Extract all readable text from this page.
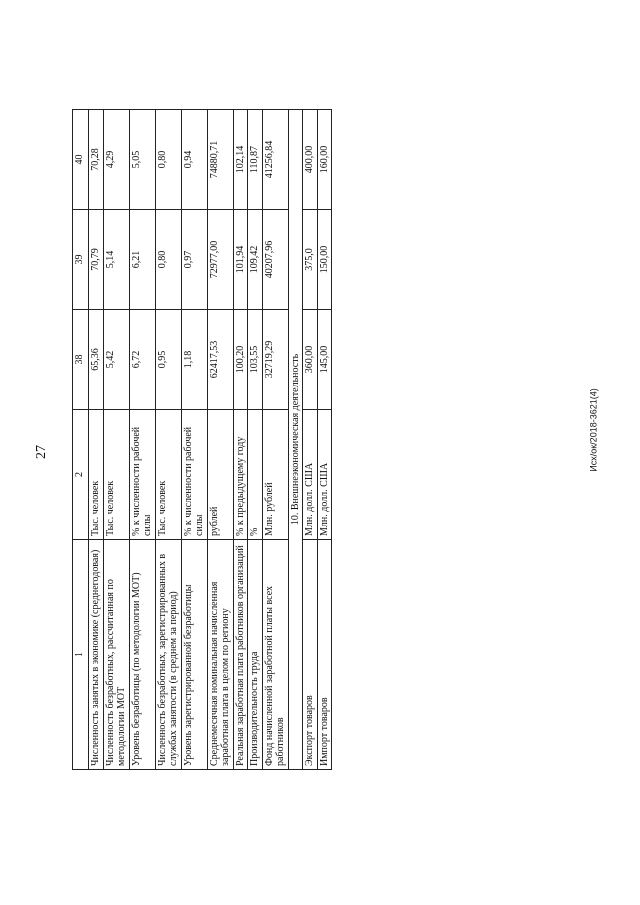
27
1	2	38	39	40
Численность занятых в экономике (среднегодовая)	Тыс. человек	65,36	70,79	70,28
Численность безработных, рассчитанная по методологии МОТ	Тыс. человек	5,42	5,14	4,29
Уровень безработицы (по методологии МОТ)	% к численности рабочей силы	6,72	6,21	5,05
Численность безработных, зарегистрированных в службах занятости (в среднем за период)	Тыс. человек	0,95	0,80	0,80
Уровень зарегистрированной безработицы	% к численности рабочей силы	1,18	0,97	0,94
Среднемесячная номинальная начисленная заработная плата в целом по региону	рублей	62417,53	72977,00	74880,71
Реальная заработная плата работников организаций	% к предыдущему году	100,20	101,94	102,14
Производительность труда	%	103,55	109,42	110,87
Фонд начисленной заработной платы всех работников	Млн. рублей	32719,29	40207,96	41256,84
10. Внешнеэкономическая деятельность				
Экспорт товаров	Млн. долл. США	360,00	375,0	400,00
Импорт товаров	Млн. долл. США	145,00	150,00	160,00
Исх/ок/2018-3621(4)
